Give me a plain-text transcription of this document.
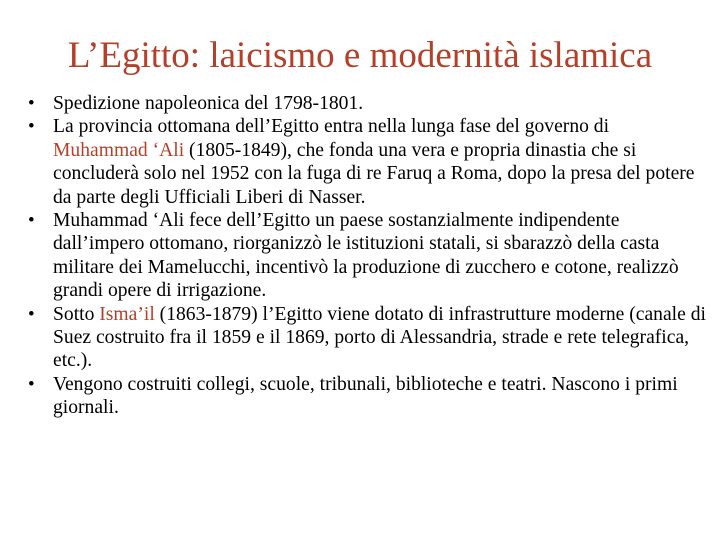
L’Egitto: laicismo e modernità islamica
• Spedizione napoleonica del 1798-1801.
• La provincia ottomana dell’Egitto entra nella lunga fase del governo di Muhammad ‘Ali (1805-1849), che fonda una vera e propria dinastia che si concluderà solo nel 1952 con la fuga di re Faruq a Roma, dopo la presa del potere da parte degli Ufficiali Liberi di Nasser.
• Muhammad ‘Ali fece dell’Egitto un paese sostanzialmente indipendente dall’impero ottomano, riorganizzò le istituzioni statali, si sbarazzò della casta militare dei Mamelucchi, incentivò la produzione di zucchero e cotone, realizzò grandi opere di irrigazione.
• Sotto Isma’il (1863-1879) l’Egitto viene dotato di infrastrutture moderne (canale di Suez costruito fra il 1859 e il 1869, porto di Alessandria, strade e rete telegrafica, etc.).
• Vengono costruiti collegi, scuole, tribunali, biblioteche e teatri. Nascono i primi giornali.
